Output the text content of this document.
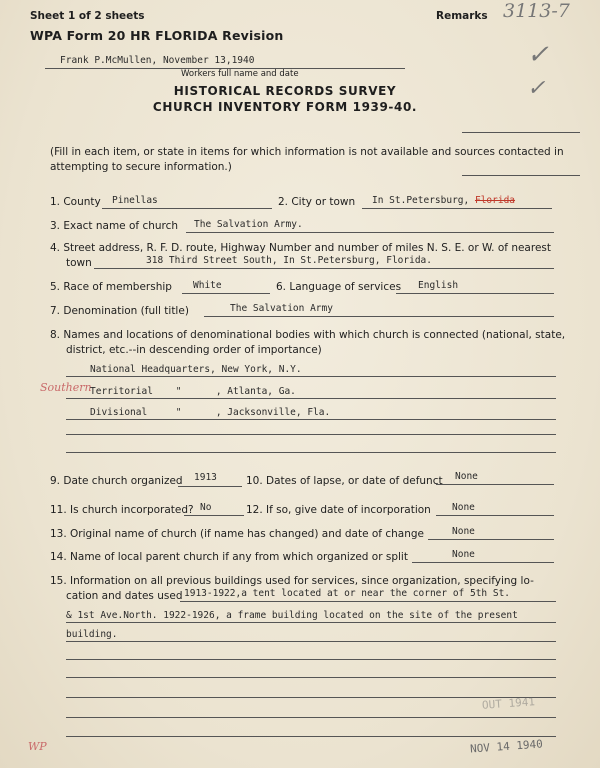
Sheet 1 of 2 sheets	Remarks 3113-7
✓
✓
WPA Form 20 HR FLORIDA Revision
Frank P.McMullen, November 13,1940
Workers full name and date
HISTORICAL RECORDS SURVEY
CHURCH INVENTORY FORM 1939-40.
(Fill in each item, or state in items for which information is not available and sources contacted in
attempting to secure information.)
1. County Pinellas	2. City or town In St.Petersburg, Florida
3. Exact name of church The Salvation Army.
4. Street address, R. F. D. route, Highway Number and number of miles N. S. E. or W. of nearest
town	318 Third Street South, In St.Petersburg, Florida.
5. Race of membership White	6. Language of services English
7. Denomination (full title)	The Salvation Army
8. Names and locations of denominational bodies with which church is connected (national, state,
district, etc.--in descending order of importance)
National Headquarters, New York, N.Y.
Southern
Territorial    "      , Atlanta, Ga.
Divisional     "      , Jacksonville, Fla.
9. Date church organized 1913	10. Dates of lapse, or date of defunct None
11. Is church incorporated? No	12. If so, give date of incorporation None
13. Original name of church (if name has changed) and date of change	None
14. Name of local parent church if any from which organized or split	None
15. Information on all previous buildings used for services, since organization, specifying lo-
cation and dates used 1913-1922,a tent located at or near the corner of 5th St.
& 1st Ave.North. 1922-1926, a frame building located on the site of the present
building.
OUT 1941
NOV 14 1940
WP
